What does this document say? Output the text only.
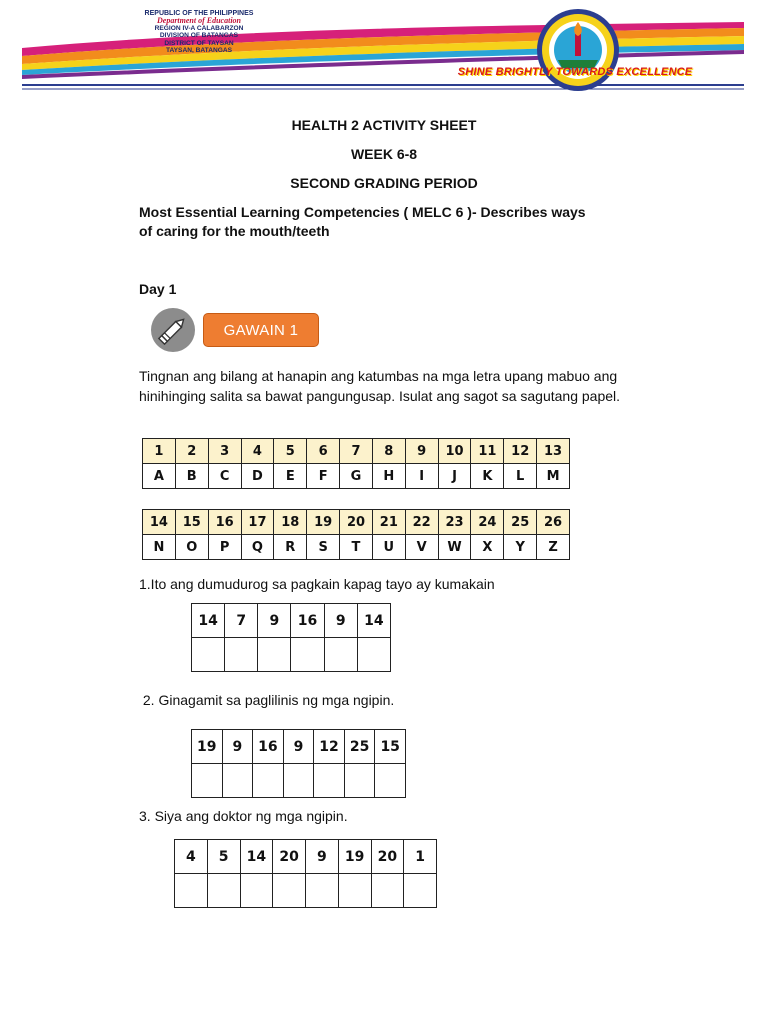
REPUBLIC OF THE PHILIPPINES
Department of Education
REGION IV-A CALABARZON
DIVISION OF BATANGAS
DISTRICT OF TAYSAN
TAYSAN, BATANGAS
SHINE BRIGHTLY TOWARDS EXCELLENCE
HEALTH 2 ACTIVITY SHEET
WEEK 6-8
SECOND GRADING PERIOD
Most Essential Learning Competencies ( MELC 6 )- Describes ways of caring for the mouth/teeth
Day 1
GAWAIN 1
Tingnan ang bilang at hanapin ang katumbas na mga letra upang mabuo ang hinihinging salita sa bawat pangungusap. Isulat ang sagot sa sagutang papel.
1	2	3	4	5	6	7	8	9	10	11	12	13
A	B	C	D	E	F	G	H	I	J	K	L	M
14	15	16	17	18	19	20	21	22	23	24	25	26
N	O	P	Q	R	S	T	U	V	W	X	Y	Z
1.Ito ang dumudurog sa pagkain kapag tayo ay kumakain
14	7	9	16	9	14

2. Ginagamit sa paglilinis ng mga ngipin.
19	9	16	9	12	25	15

3. Siya ang doktor ng mga ngipin.
4	5	14	20	9	19	20	1
